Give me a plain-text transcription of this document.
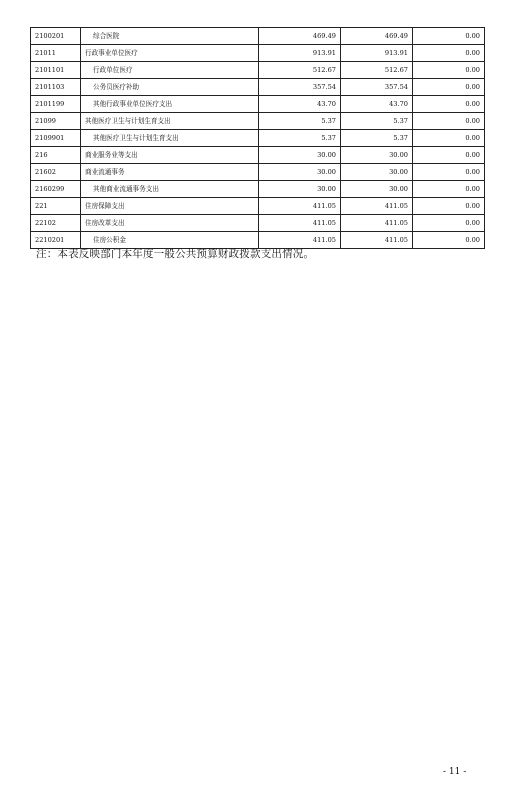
2100201	综合医院	469.49	469.49	0.00
21011	行政事业单位医疗	913.91	913.91	0.00
2101101	行政单位医疗	512.67	512.67	0.00
2101103	公务员医疗补助	357.54	357.54	0.00
2101199	其他行政事业单位医疗支出	43.70	43.70	0.00
21099	其他医疗卫生与计划生育支出	5.37	5.37	0.00
2109901	其他医疗卫生与计划生育支出	5.37	5.37	0.00
216	商业服务业等支出	30.00	30.00	0.00
21602	商业流通事务	30.00	30.00	0.00
2160299	其他商业流通事务支出	30.00	30.00	0.00
221	住房保障支出	411.05	411.05	0.00
22102	住房改革支出	411.05	411.05	0.00
2210201	住房公积金	411.05	411.05	0.00
注：本表反映部门本年度一般公共预算财政拨款支出情况。
- 11 -
